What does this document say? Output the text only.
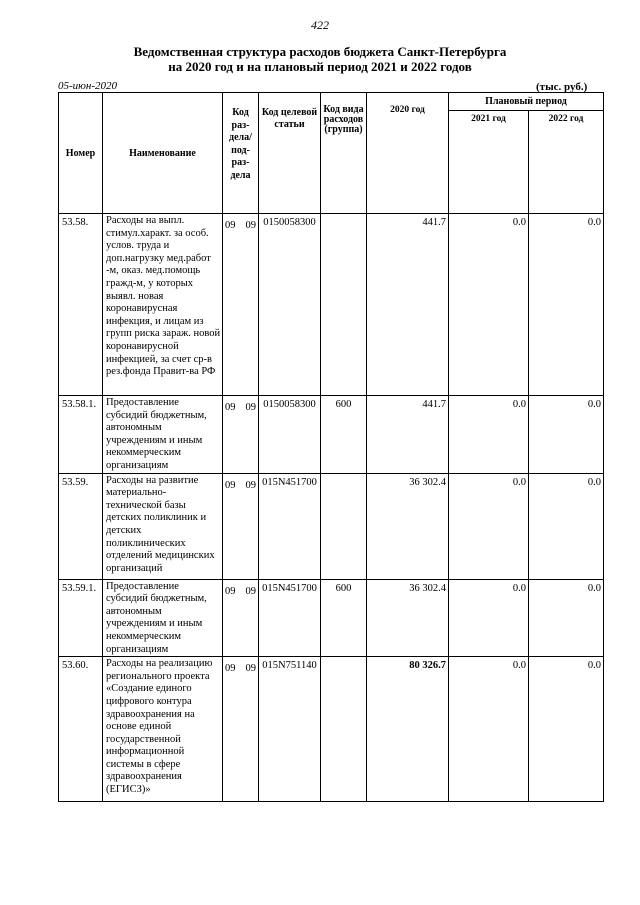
422
Ведомственная структура расходов бюджета Санкт-Петербурга
на 2020 год и на плановый период 2021 и 2022 годов
05-июн-2020	(тыс. руб.)
Номер	Наименование	Код раз- дела/ под- раз- дела	Код целевой статьи	Код вида расходов (группа)	2020 год	Плановый период	
						2021 год	2022 год
53.58.	Расходы на выпл. стимул.характ. за особ. услов. труда и доп.нагрузку мед.работ -м, оказ. мед.помощь гражд-м, у которых выявл. новая коронавирусная инфекция, и лицам из групп риска зараж. новой коронавирусной инфекцией, за счет ср-в рез.фонда Правит-ва РФ	09 09	0150058300		441.7	0.0	0.0
53.58.1.	Предоставление субсидий бюджетным, автономным учреждениям и иным некоммерческим организациям	09 09	0150058300	600	441.7	0.0	0.0
53.59.	Расходы на развитие материально-технической базы детских поликлиник и детских поликлинических отделений медицинских организаций	09 09	015N451700		36 302.4	0.0	0.0
53.59.1.	Предоставление субсидий бюджетным, автономным учреждениям и иным некоммерческим организациям	09 09	015N451700	600	36 302.4	0.0	0.0
53.60.	Расходы на реализацию регионального проекта «Создание единого цифрового контура здравоохранения на основе единой государственной информационной системы в сфере здравоохранения (ЕГИСЗ)»	09 09	015N751140		80 326.7	0.0	0.0
